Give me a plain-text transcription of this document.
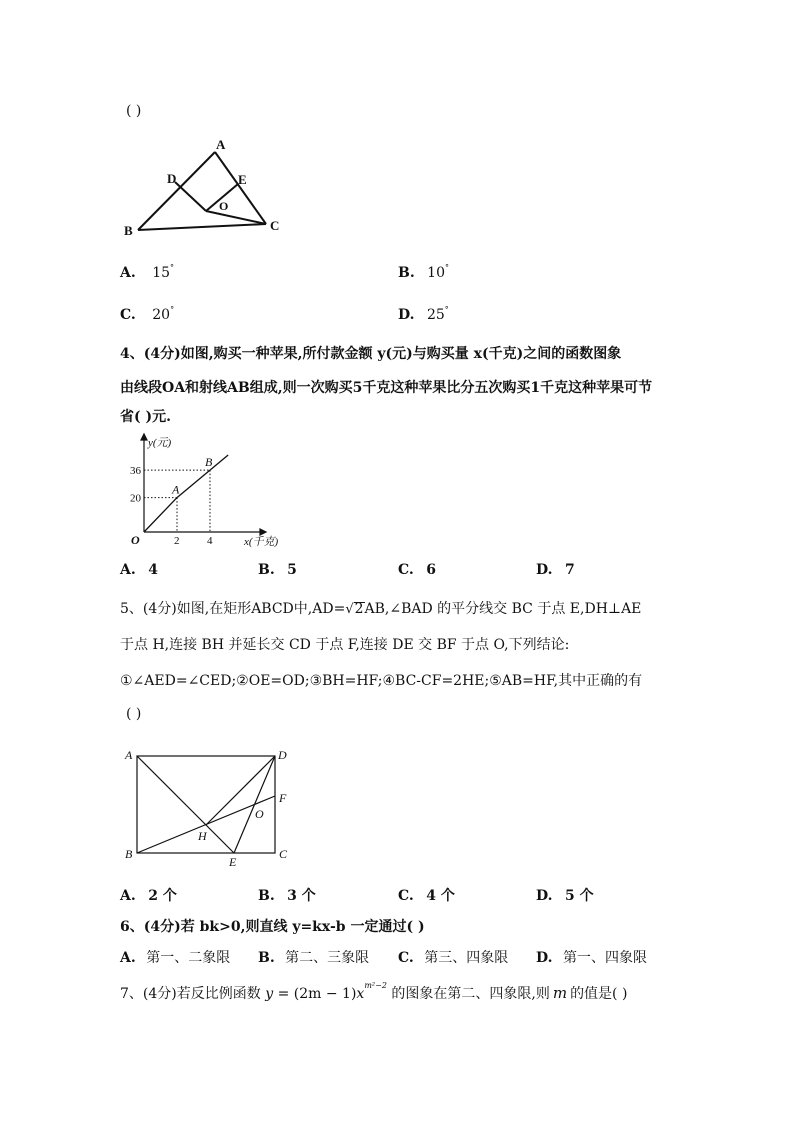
( )
A
D	E
O
B	C
A. 15°	B. 10°
C. 20°	D. 25°
4、(4分)如图,购买一种苹果,所付款金额 y(元)与购买量 x(千克)之间的函数图象
由线段OA和射线AB组成,则一次购买5千克这种苹果比分五次购买1千克这种苹果可节
省( )元.
A
B
2	4
20
36
y(元)
x(千克)
O
A. 4	B. 5	C. 6	D. 7
5、(4分)如图,在矩形ABCD中,AD=√2AB,∠BAD 的平分线交 BC 于点 E,DH⊥AE
于点 H,连接 BH 并延长交 CD 于点 F,连接 DE 交 BF 于点 O,下列结论:
①∠AED=∠CED;②OE=OD;③BH=HF;④BC-CF=2HE;⑤AB=HF,其中正确的有
( )
A	D
F
O
H
B
E
C
A. 2 个	B. 3 个	C. 4 个	D. 5 个
6、(4分)若 bk>0,则直线 y=kx-b 一定通过( )
A. 第一、二象限 B. 第二、三象限 C. 第三、四象限 D. 第一、四象限
7、(4分)若反比例函数 $y = (2m - 1)x^{m^2-2}$ 的图象在第二、四象限,则 m 的值是( )
